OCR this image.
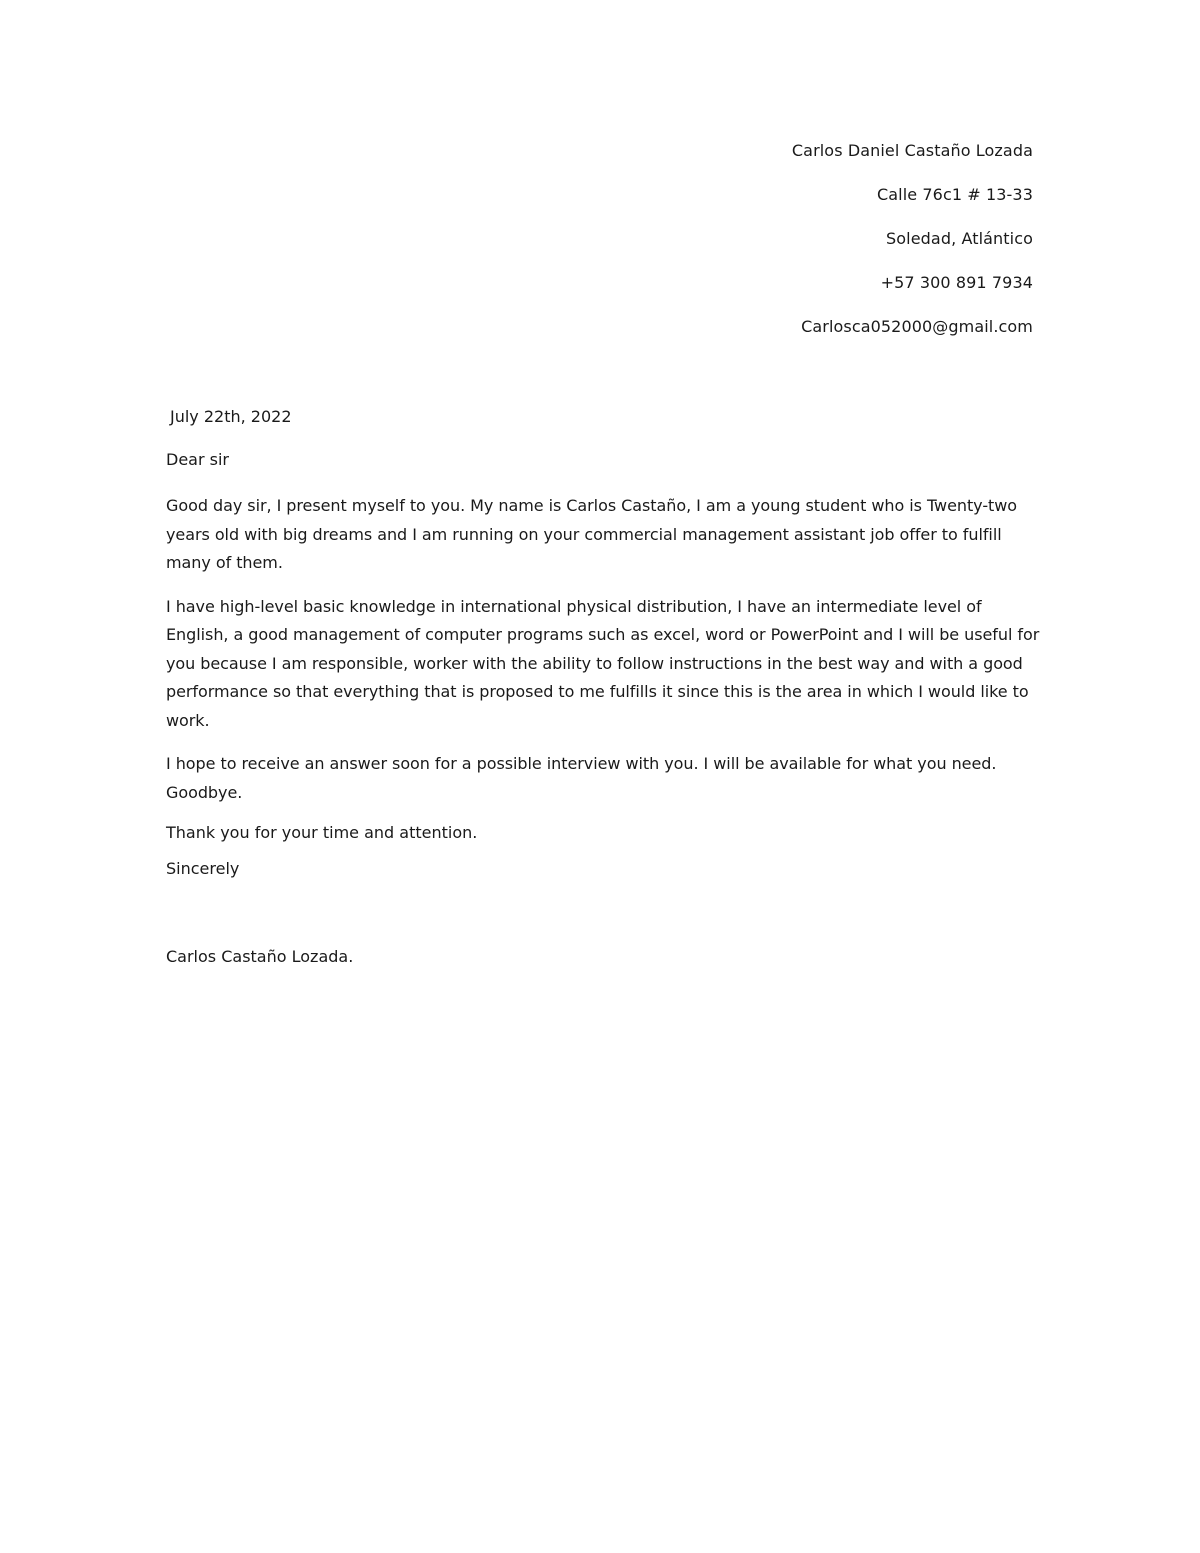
Carlos Daniel Castaño Lozada
Calle 76c1 # 13-33
Soledad, Atlántico
+57 300 891 7934
Carlosca052000@gmail.com
July 22th, 2022
Dear sir

Good day sir, I present myself to you. My name is Carlos Castaño, I am a young student who is Twenty-two years old with big dreams and I am running on your commercial management assistant job offer to fulfill many of them.

I have high-level basic knowledge in international physical distribution, I have an intermediate level of English, a good management of computer programs such as excel, word or PowerPoint and I will be useful for you because I am responsible, worker with the ability to follow instructions in the best way and with a good performance so that everything that is proposed to me fulfills it since this is the area in which I would like to work.

I hope to receive an answer soon for a possible interview with you. I will be available for what you need. Goodbye.

Thank you for your time and attention.
Sincerely
Carlos Castaño Lozada.
